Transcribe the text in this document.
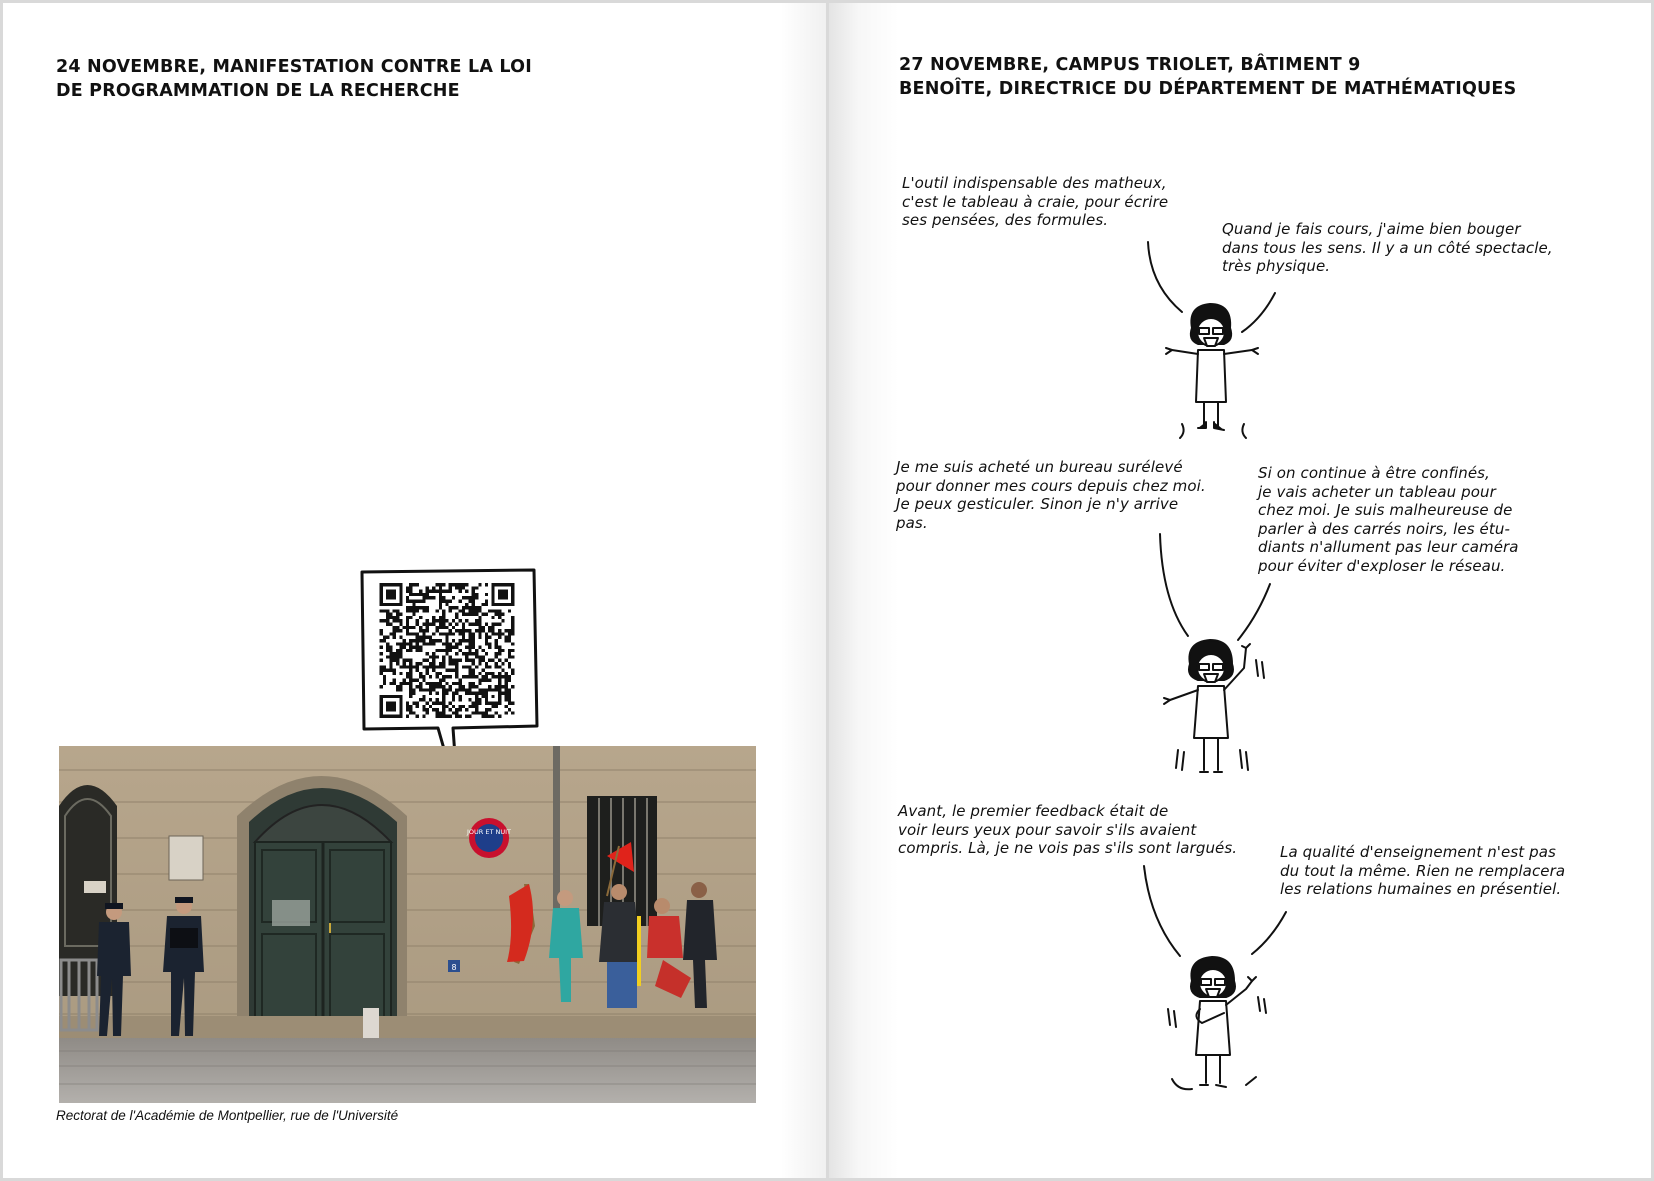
24 NOVEMBRE, MANIFESTATION CONTRE LA LOI
DE PROGRAMMATION DE LA RECHERCHE
JOUR ET NUIT
8

Rectorat de l'Académie de Montpellier, rue de l'Université

27 NOVEMBRE, CAMPUS TRIOLET, BÂTIMENT 9
BENOÎTE, DIRECTRICE DU DÉPARTEMENT DE MATHÉMATIQUES

L'outil indispensable des matheux,
c'est le tableau à craie, pour écrire
ses pensées, des formules.	Quand je fais cours, j'aime bien bouger
dans tous les sens. Il y a un côté spectacle,
très physique.

Je me suis acheté un bureau surélevé
pour donner mes cours depuis chez moi.
Je peux gesticuler. Sinon je n'y arrive
pas.

Si on continue à être confinés,
je vais acheter un tableau pour
chez moi. Je suis malheureuse de
parler à des carrés noirs, les étu-
diants n'allument pas leur caméra
pour éviter d'exploser le réseau.

Avant, le premier feedback était de
voir leurs yeux pour savoir s'ils avaient
compris. Là, je ne vois pas s'ils sont largués.	La qualité d'enseignement n'est pas
du tout la même. Rien ne remplacera
les relations humaines en présentiel.
